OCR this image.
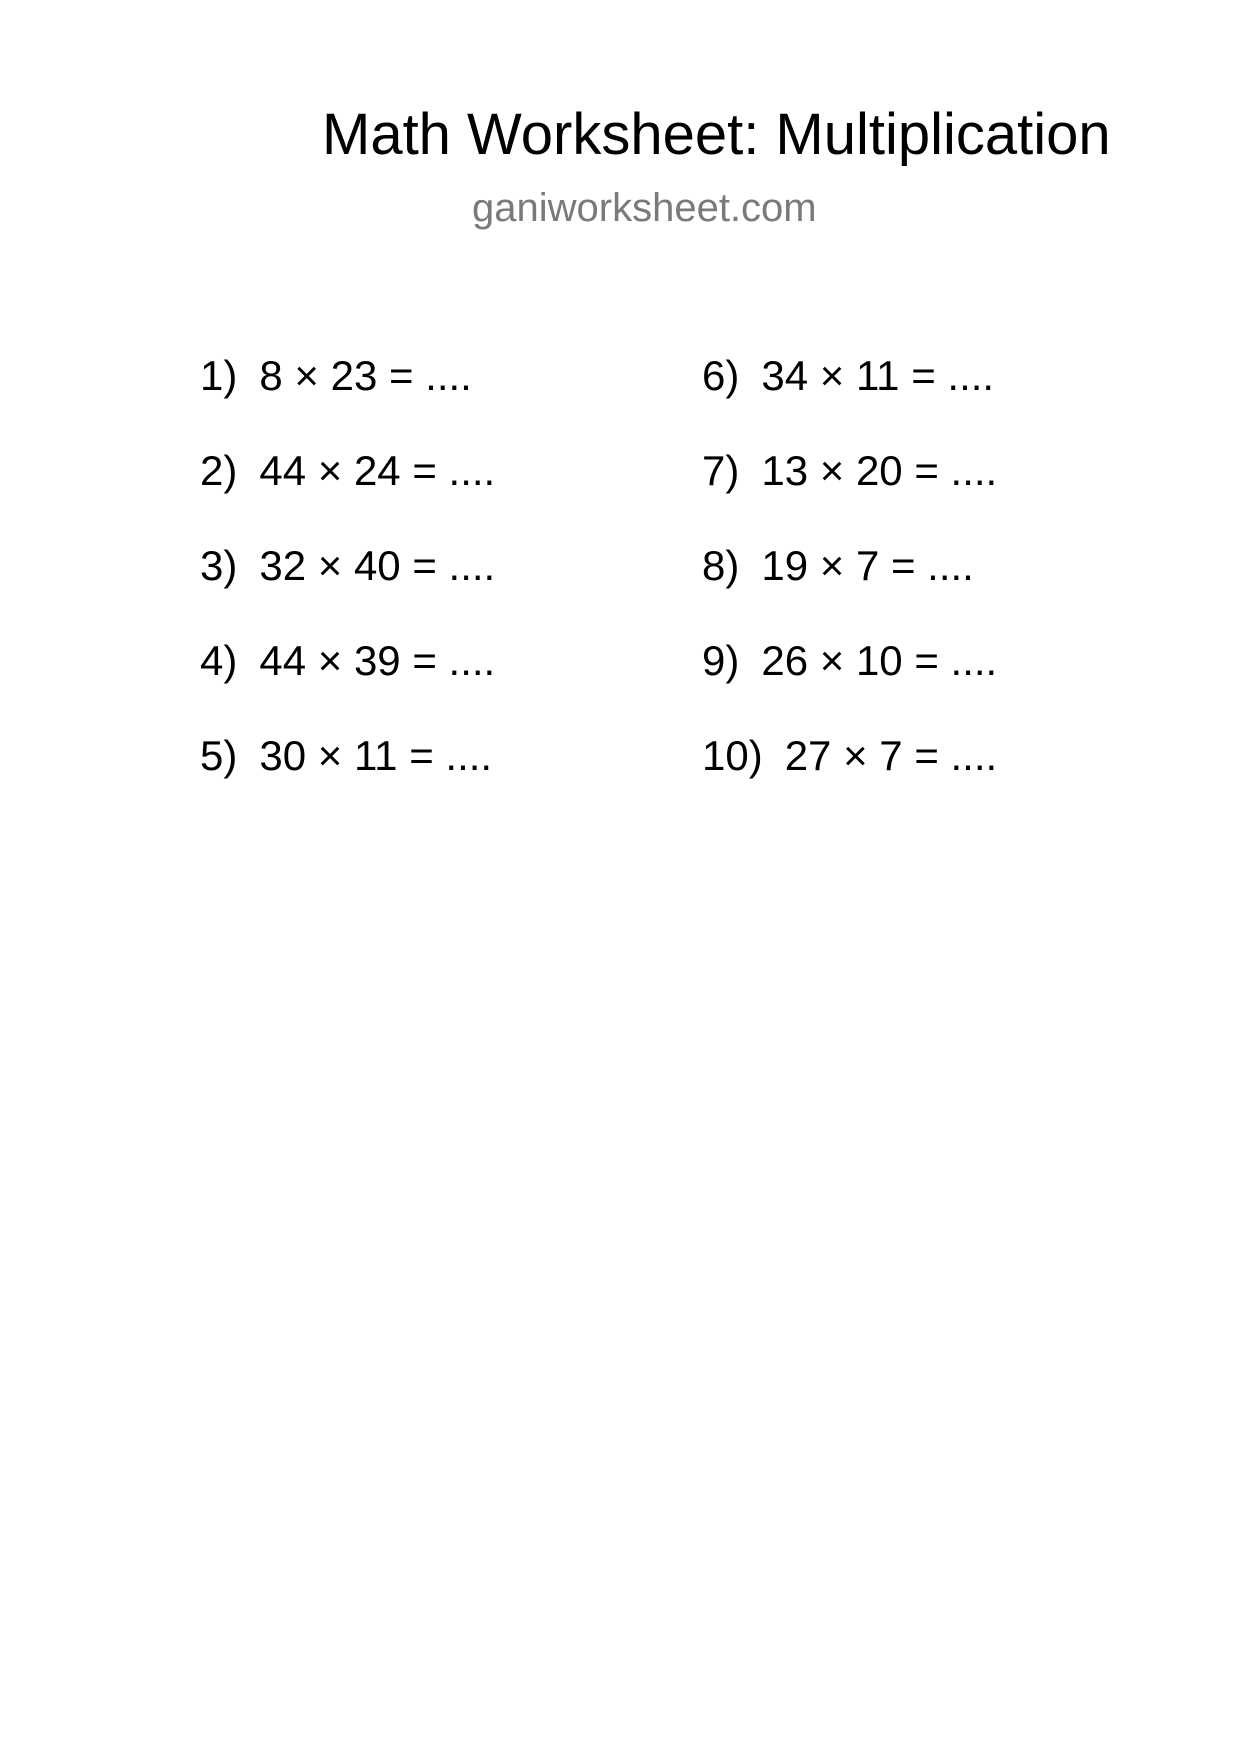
Math Worksheet: Multiplication
ganiworksheet.com
1) 8 × 23 = ....
2) 44 × 24 = ....
3) 32 × 40 = ....
4) 44 × 39 = ....
5) 30 × 11 = ....
6) 34 × 11 = ....
7) 13 × 20 = ....
8) 19 × 7 = ....
9) 26 × 10 = ....
10) 27 × 7 = ....
